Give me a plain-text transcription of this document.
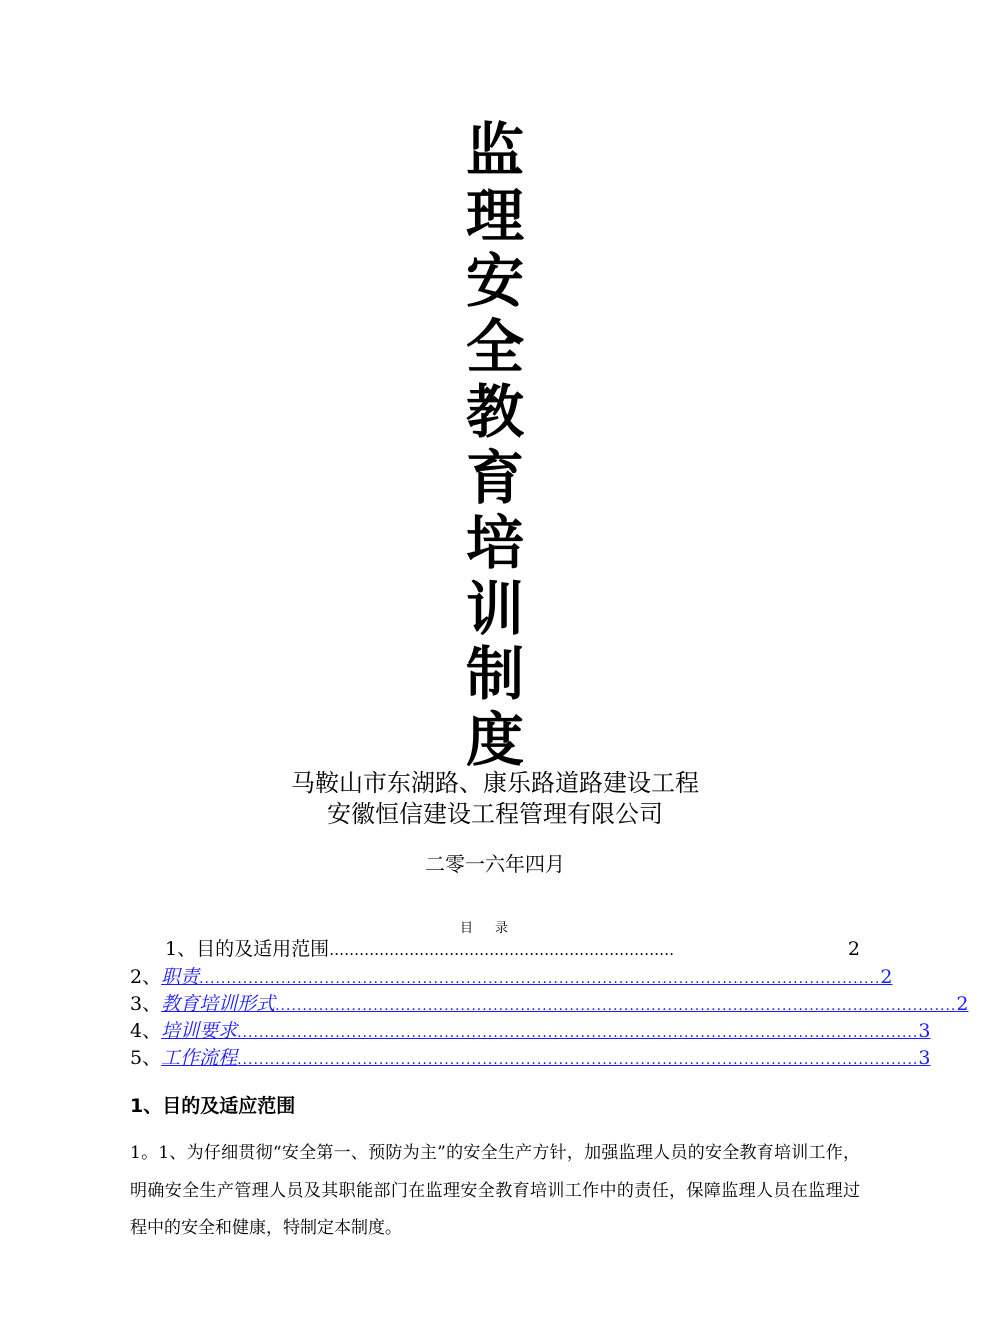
监
理
安
全
教
育
培
训
制
度
马鞍山市东湖路、康乐路道路建设工程
安徽恒信建设工程管理有限公司
二零一六年四月
目录
1、 目的及适用范围 ……………………………………………………………	2
2、 职责 ............................................................................................................................. 2
3、 教育培训形式 ............................................................................................................................. 2
4、 培训要求 ............................................................................................................................. 3
5、 工作流程 ............................................................................................................................. 3
1、目的及适应范围
1。1、为仔细贯彻“安全第一、预防为主”的安全生产方针，加强监理人员的安全教育培训工作，明确安全生产管理人员及其职能部门在监理安全教育培训工作中的责任，保障监理人员在监理过程中的安全和健康，特制定本制度。
